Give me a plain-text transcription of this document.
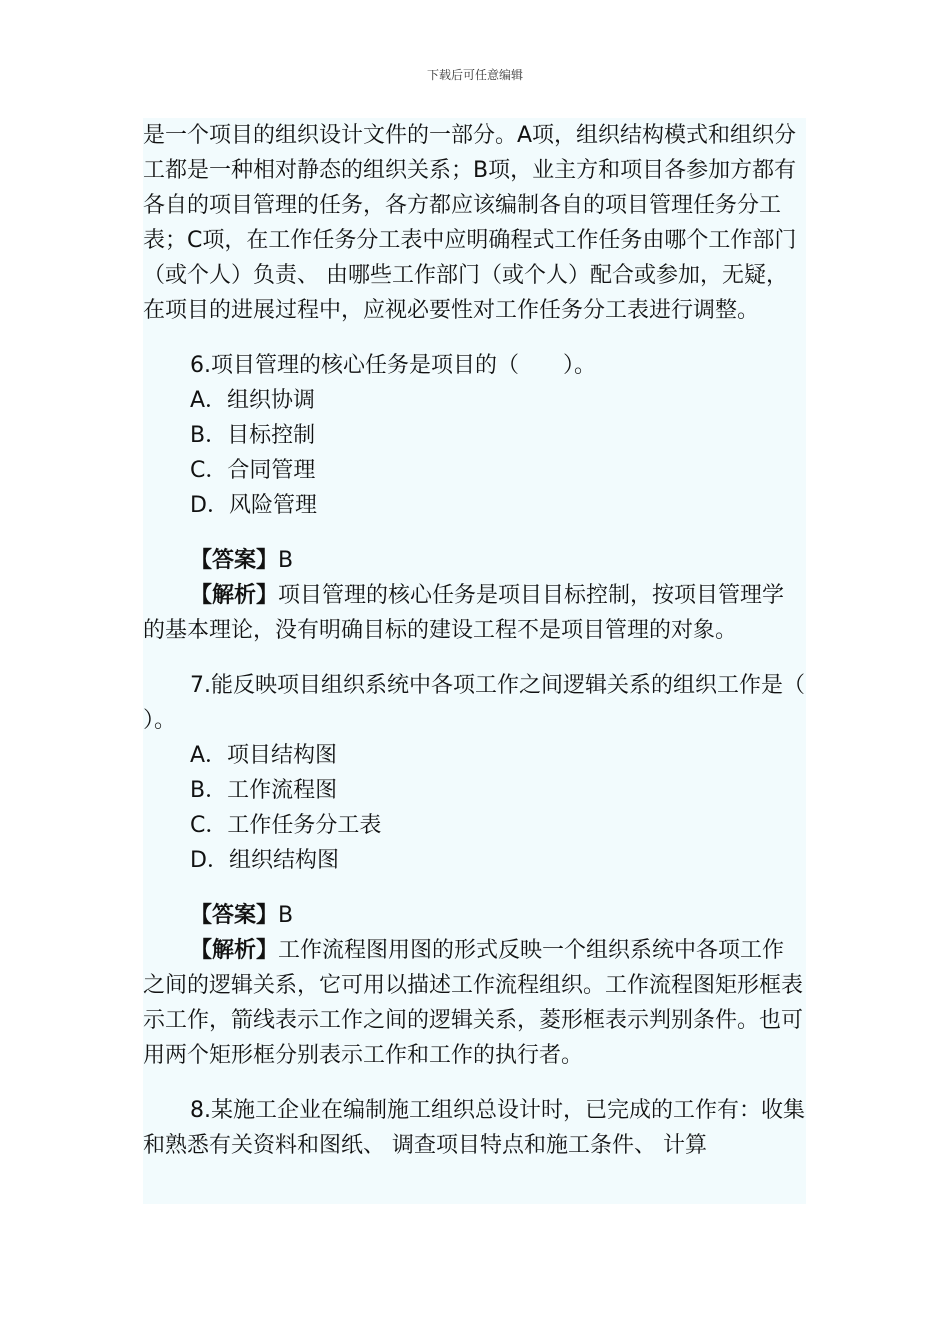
下载后可任意编辑

是一个项目的组织设计文件的一部分。A项，组织结构模式和组织分工都是一种相对静态的组织关系；B项，业主方和项目各参加方都有各自的项目管理的任务，各方都应该编制各自的项目管理任务分工表；C项，在工作任务分工表中应明确程式工作任务由哪个工作部门（或个人）负责、 由哪些工作部门（或个人）配合或参加，无疑，在项目的进展过程中，应视必要性对工作任务分工表进行调整。

6.项目管理的核心任务是项目的（　　）。

A．组织协调

B．目标控制

C．合同管理

D．风险管理

【答案】B

【解析】项目管理的核心任务是项目目标控制，按项目管理学的基本理论，没有明确目标的建设工程不是项目管理的对象。

7.能反映项目组织系统中各项工作之间逻辑关系的组织工作是（　　）。

A．项目结构图

B．工作流程图

C．工作任务分工表

D．组织结构图

【答案】B

【解析】工作流程图用图的形式反映一个组织系统中各项工作之间的逻辑关系，它可用以描述工作流程组织。工作流程图矩形框表示工作，箭线表示工作之间的逻辑关系，菱形框表示判别条件。也可用两个矩形框分别表示工作和工作的执行者。

8.某施工企业在编制施工组织总设计时，已完成的工作有：收集和熟悉有关资料和图纸、 调查项目特点和施工条件、 计算
